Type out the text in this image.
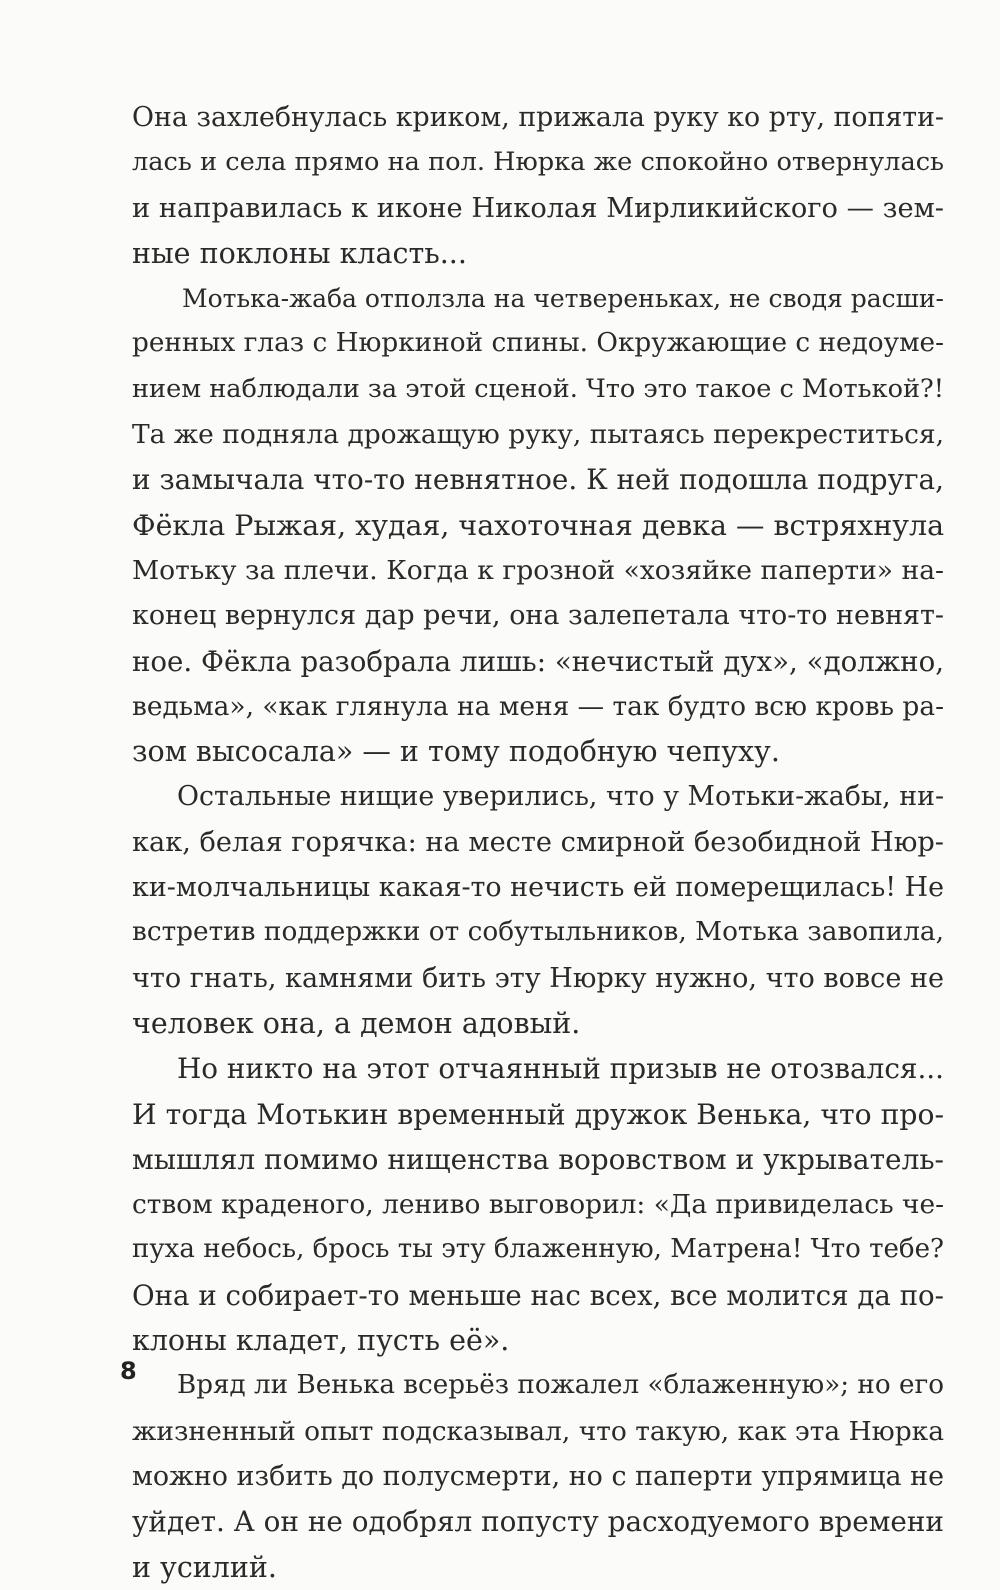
Она захлебнулась криком, прижала руку ко рту, попяти-
лась и села прямо на пол. Нюрка же спокойно отвернулась
и направилась к иконе Николая Мирликийского — зем-
ные поклоны класть...
Мотька-жаба отползла на четвереньках, не сводя расши-
ренных глаз с Нюркиной спины. Окружающие с недоуме-
нием наблюдали за этой сценой. Что это такое с Мотькой?!
Та же подняла дрожащую руку, пытаясь перекреститься,
и замычала что-то невнятное. К ней подошла подруга,
Фёкла Рыжая, худая, чахоточная девка — встряхнула
Мотьку за плечи. Когда к грозной «хозяйке паперти» на-
конец вернулся дар речи, она залепетала что-то невнят-
ное. Фёкла разобрала лишь: «нечистый дух», «должно,
ведьма», «как глянула на меня — так будто всю кровь ра-
зом высосала» — и тому подобную чепуху.
Остальные нищие уверились, что у Мотьки-жабы, ни-
как, белая горячка: на месте смирной безобидной Нюр-
ки-молчальницы какая-то нечисть ей померещилась! Не
встретив поддержки от собутыльников, Мотька завопила,
что гнать, камнями бить эту Нюрку нужно, что вовсе не
человек она, а демон адовый.
Но никто на этот отчаянный призыв не отозвался...
И тогда Мотькин временный дружок Венька, что про-
мышлял помимо нищенства воровством и укрыватель-
ством краденого, лениво выговорил: «Да привиделась че-
пуха небось, брось ты эту блаженную, Матрена! Что тебе?
Она и собирает-то меньше нас всех, все молится да по-
клоны кладет, пусть её».
Вряд ли Венька всерьёз пожалел «блаженную»; но его
жизненный опыт подсказывал, что такую, как эта Нюрка
можно избить до полусмерти, но с паперти упрямица не
уйдет. А он не одобрял попусту расходуемого времени
и усилий.
8
